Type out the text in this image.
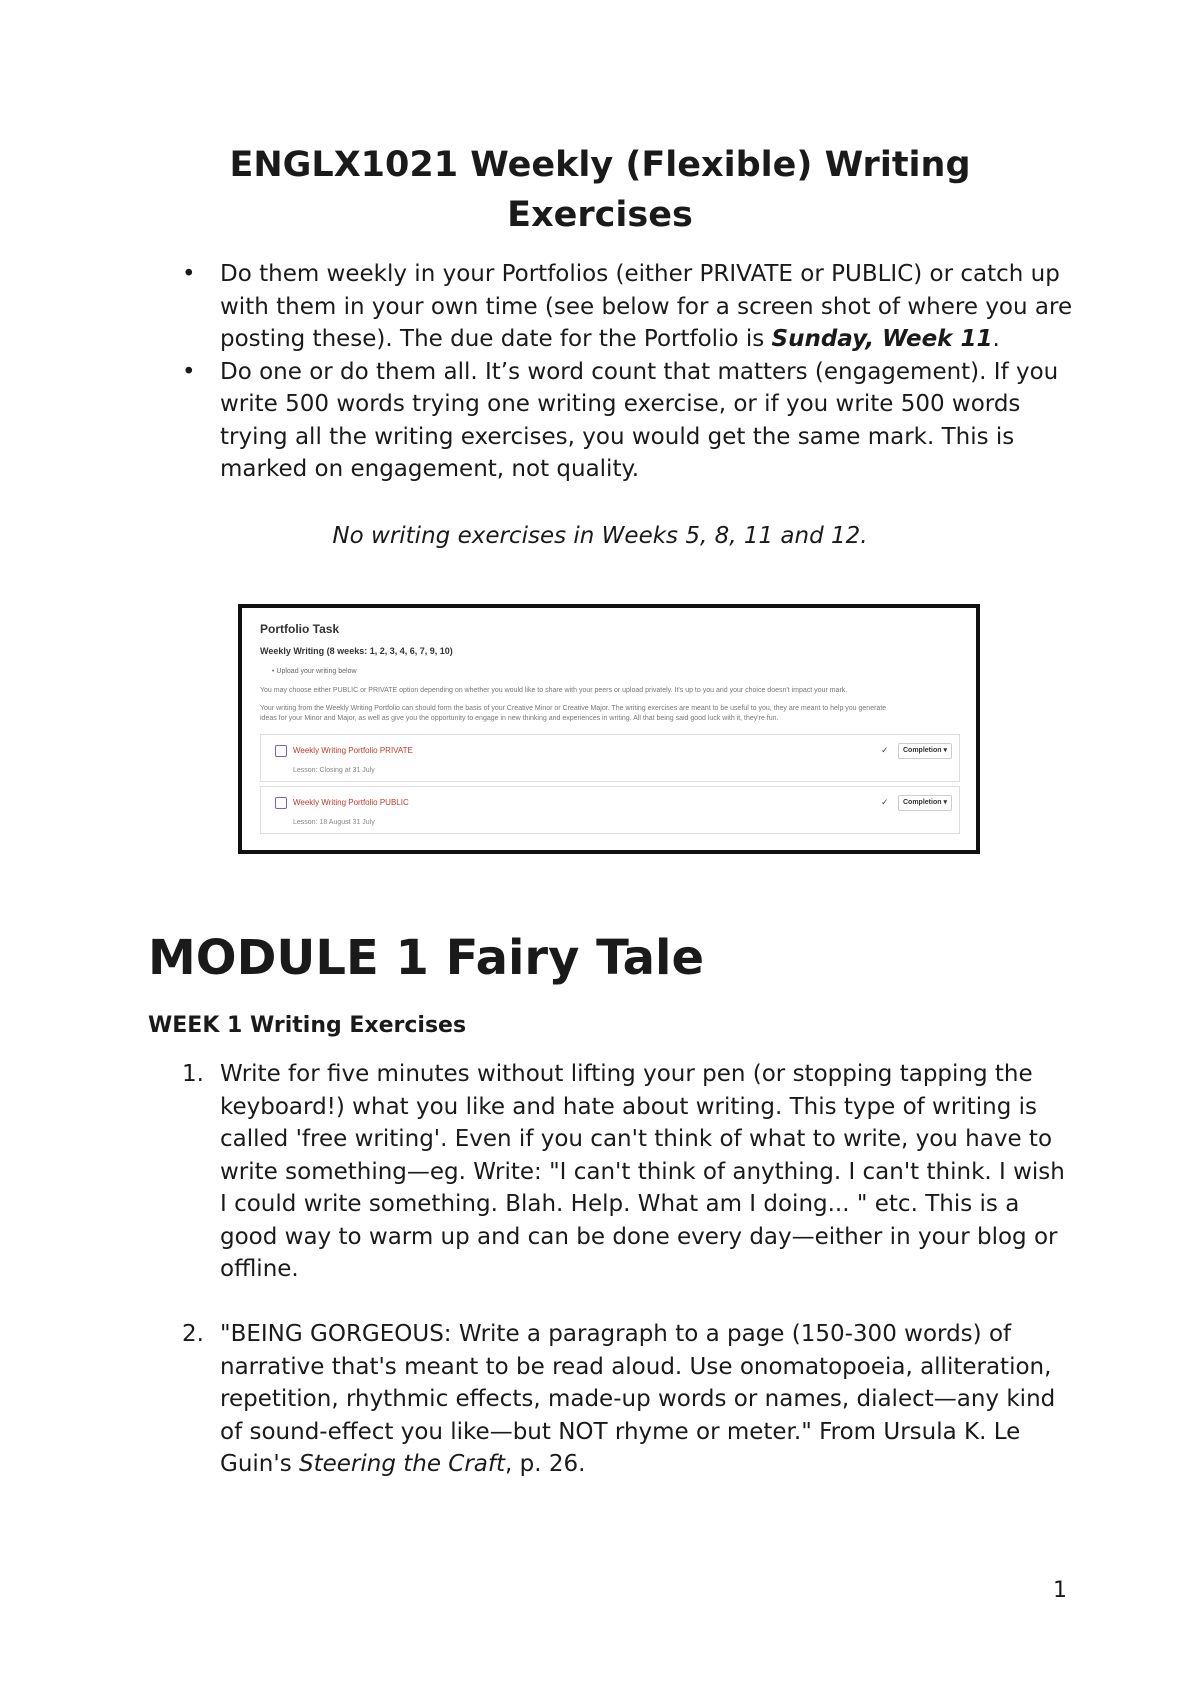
ENGLX1021 Weekly (Flexible) Writing Exercises
• Do them weekly in your Portfolios (either PRIVATE or PUBLIC) or catch up with them in your own time (see below for a screen shot of where you are posting these). The due date for the Portfolio is Sunday, Week 11.
• Do one or do them all. It’s word count that matters (engagement). If you write 500 words trying one writing exercise, or if you write 500 words trying all the writing exercises, you would get the same mark. This is marked on engagement, not quality.

No writing exercises in Weeks 5, 8, 11 and 12.

Portfolio Task
Weekly Writing (8 weeks: 1, 2, 3, 4, 6, 7, 9, 10)
• Upload your writing below
You may choose either PUBLIC or PRIVATE option depending on whether you would like to share with your peers or upload privately. It's up to you and your choice doesn't impact your mark.
Your writing from the Weekly Writing Portfolio can should form the basis of your Creative Minor or Creative Major. The writing exercises are meant to be useful to you, they are meant to help you generate
ideas for your Minor and Major, as well as give you the opportunity to engage in new thinking and experiences in writing. All that being said good luck with it, they're fun.
Weekly Writing Portfolio PRIVATE
Lesson: Closing at 31 July
✓	Completion ▾
Weekly Writing Portfolio PUBLIC
Lesson: 18 August 31 July
✓	Completion ▾
MODULE 1 Fairy Tale
WEEK 1 Writing Exercises
1. Write for five minutes without lifting your pen (or stopping tapping the keyboard!) what you like and hate about writing. This type of writing is called 'free writing'. Even if you can't think of what to write, you have to write something—eg. Write: "I can't think of anything. I can't think. I wish I could write something. Blah. Help. What am I doing... " etc. This is a good way to warm up and can be done every day—either in your blog or offline.
2. "BEING GORGEOUS: Write a paragraph to a page (150-300 words) of narrative that's meant to be read aloud. Use onomatopoeia, alliteration, repetition, rhythmic effects, made-up words or names, dialect—any kind of sound-effect you like—but NOT rhyme or meter." From Ursula K. Le Guin's Steering the Craft, p. 26.

1
